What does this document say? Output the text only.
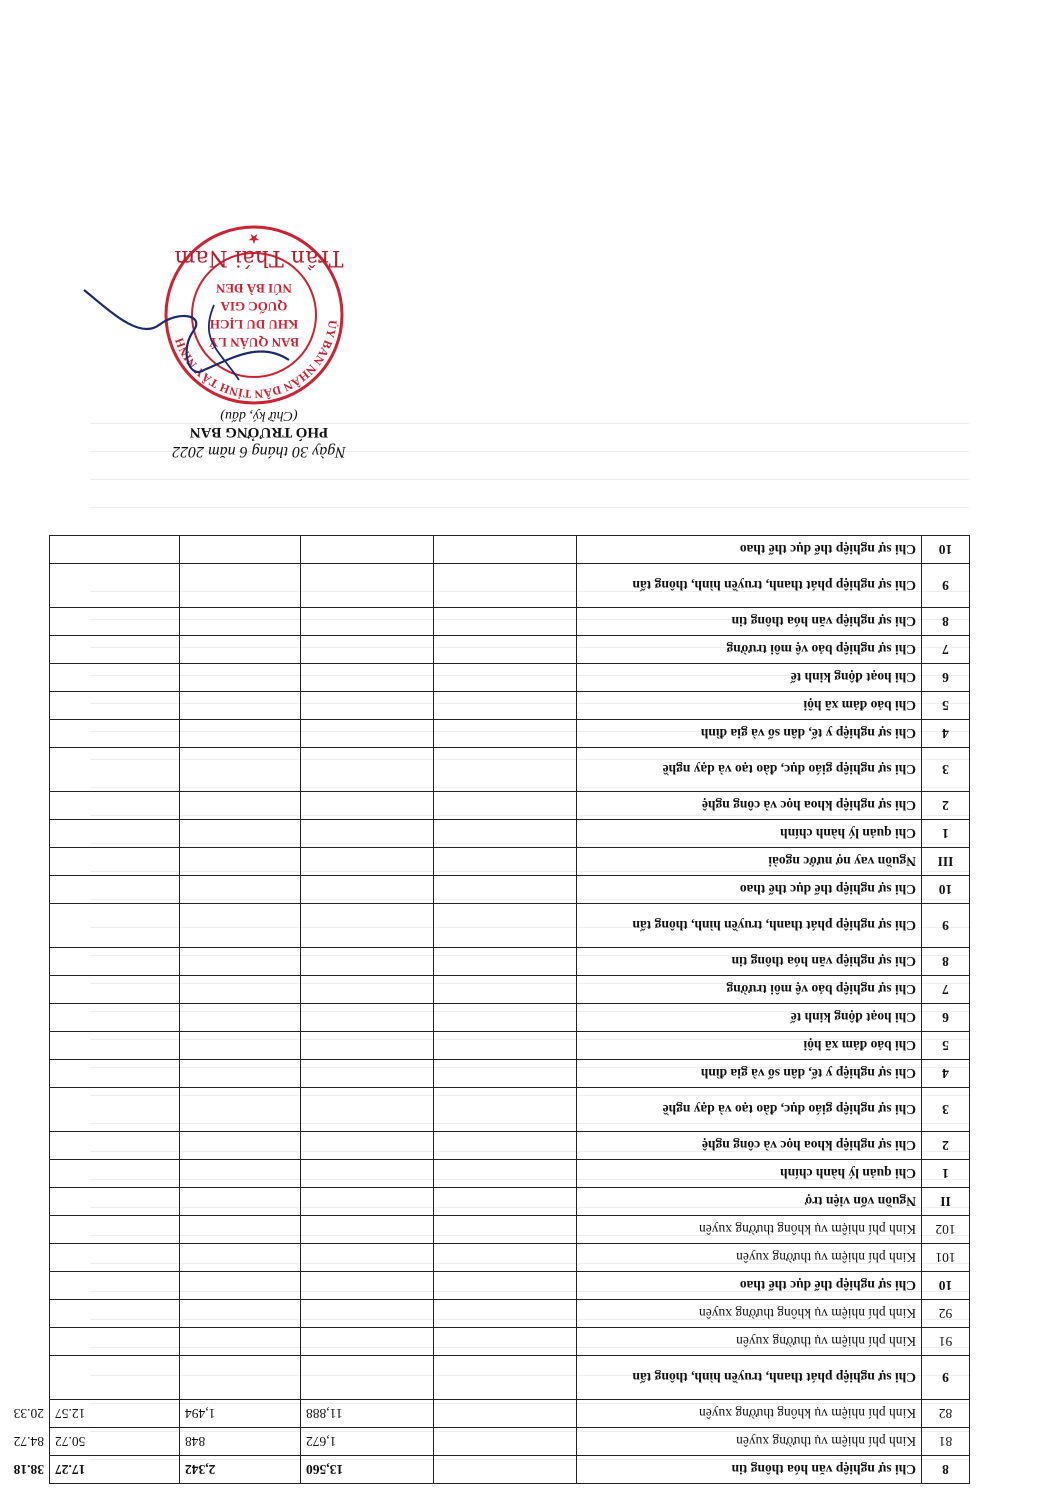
8	Chi sự nghiệp văn hóa thông tin		13,560	2,342	17.27	38.18
81	Kinh phí nhiệm vụ thường xuyên		1,672	848	50.72	84.72
82	Kinh phí nhiệm vụ không thường xuyên		11,888	1,494	12.57	20.33
9	Chi sự nghiệp phát thanh, truyền hình, thông tấn					
91	Kinh phí nhiệm vụ thường xuyên					
92	Kinh phí nhiệm vụ không thường xuyên					
10	Chi sự nghiệp thể dục thể thao					
101	Kinh phí nhiệm vụ thường xuyên					
102	Kinh phí nhiệm vụ không thường xuyên					
II	Nguồn vốn viện trợ					
1	Chi quản lý hành chính					
2	Chi sự nghiệp khoa học và công nghệ					
3	Chi sự nghiệp giáo dục, đào tạo và dạy nghề					
4	Chi sự nghiệp y tế, dân số và gia đình					
5	Chi bảo đảm xã hội					
6	Chi hoạt động kinh tế					
7	Chi sự nghiệp bảo vệ môi trường					
8	Chi sự nghiệp văn hóa thông tin					
9	Chi sự nghiệp phát thanh, truyền hình, thông tấn					
10	Chi sự nghiệp thể dục thể thao					
III	Nguồn vay nợ nước ngoài					
1	Chi quản lý hành chính					
2	Chi sự nghiệp khoa học và công nghệ					
3	Chi sự nghiệp giáo dục, đào tạo và dạy nghề					
4	Chi sự nghiệp y tế, dân số và gia đình					
5	Chi bảo đảm xã hội					
6	Chi hoạt động kinh tế					
7	Chi sự nghiệp bảo vệ môi trường					
8	Chi sự nghiệp văn hóa thông tin					
9	Chi sự nghiệp phát thanh, truyền hình, thông tấn					
10	Chi sự nghiệp thể dục thể thao					
Ngày 30 tháng 6 năm 2022
PHÓ TRƯỞNG BAN
(Chữ ký, dấu)
ỦY BAN NHÂN DÂN TỈNH TÂY NINH	BAN QUẢN LÝ
KHU DU LỊCH
QUỐC GIA
NÚI BÀ ĐEN
★
Trần Thái Nam
